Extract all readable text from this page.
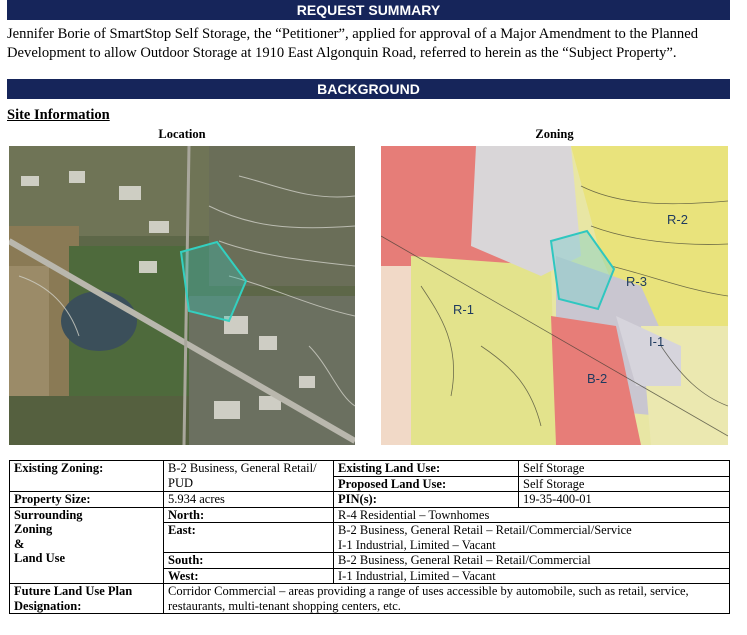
REQUEST SUMMARY
Jennifer Borie of SmartStop Self Storage, the “Petitioner”, applied for approval of a Major Amendment to the Planned Development to allow Outdoor Storage at 1910 East Algonquin Road, referred to herein as the “Subject Property”.
BACKGROUND
Site Information
Location	Zoning
R-1
R-2
R-3
B-2
I-1
Existing Zoning:	B-2 Business, General Retail/ PUD	Existing Land Use:	Self Storage
		Proposed Land Use:	Self Storage
Property Size:	5.934 acres	PIN(s):	19-35-400-01

Surrounding
Zoning
&
Land Use	North:	R-4 Residential – Townhomes	
	East:	B-2 Business, General Retail – Retail/Commercial/Service
I-1 Industrial, Limited – Vacant	

	South:	B-2 Business, General Retail – Retail/Commercial	
	West:	I-1 Industrial, Limited – Vacant	

Future Land Use Plan
Designation:	Corridor Commercial – areas providing a range of uses accessible by automobile, such as retail, service, restaurants, multi-tenant shopping centers, etc.		
